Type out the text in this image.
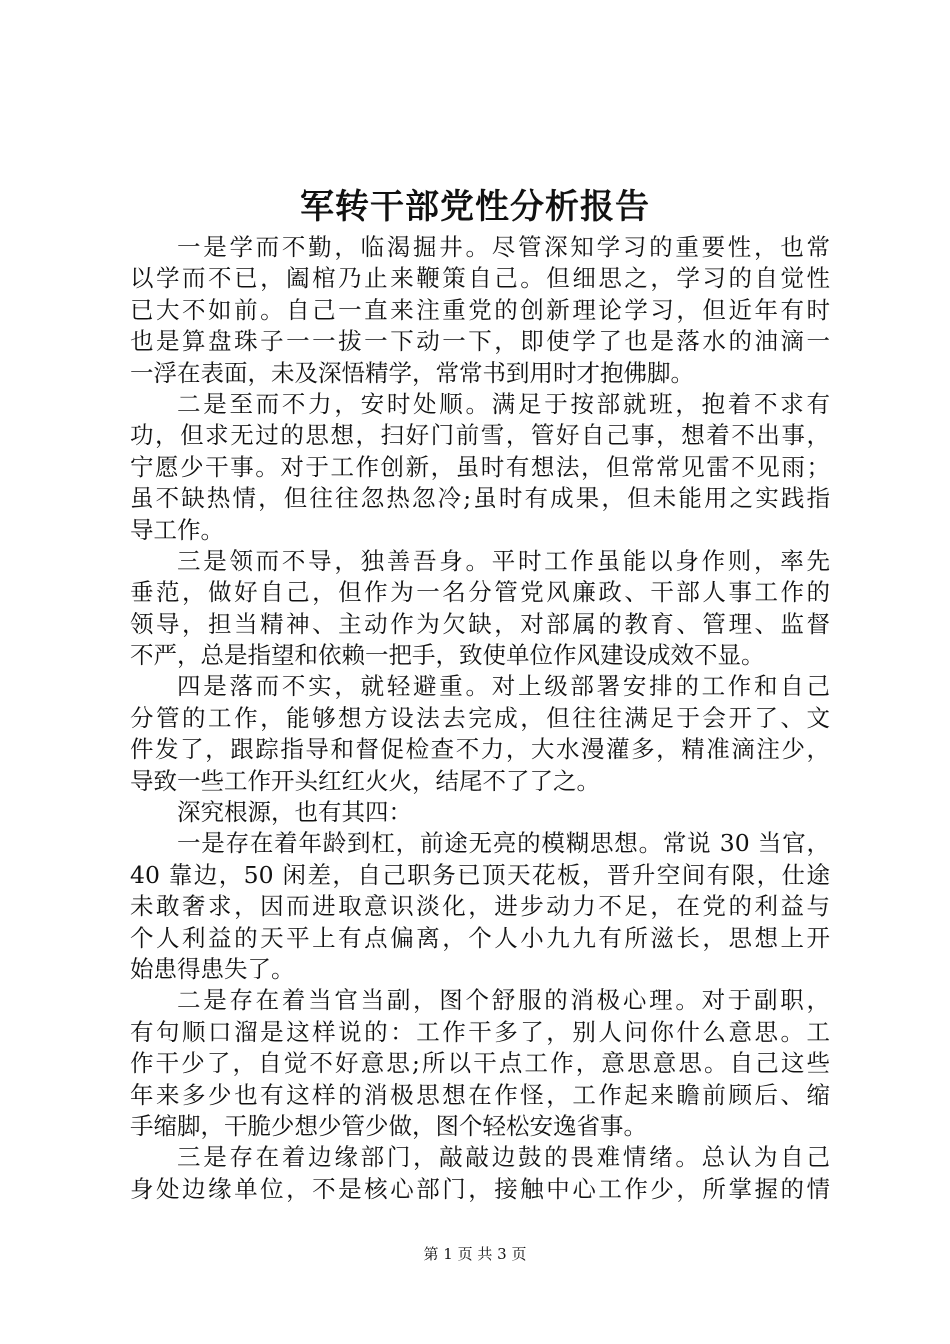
军转干部党性分析报告
一是学而不勤，临渴掘井。尽管深知学习的重要性，也常
以学而不已，阖棺乃止来鞭策自己。但细思之，学习的自觉性
已大不如前。自己一直来注重党的创新理论学习，但近年有时
也是算盘珠子一一拔一下动一下，即使学了也是落水的油滴一
一浮在表面，未及深悟精学，常常书到用时才抱佛脚。
二是至而不力，安时处顺。满足于按部就班，抱着不求有
功，但求无过的思想，扫好门前雪，管好自己事，想着不出事，
宁愿少干事。对于工作创新，虽时有想法，但常常见雷不见雨；
虽不缺热情，但往往忽热忽冷;虽时有成果，但未能用之实践指
导工作。
三是领而不导，独善吾身。平时工作虽能以身作则，率先
垂范，做好自己，但作为一名分管党风廉政、干部人事工作的
领导，担当精神、主动作为欠缺，对部属的教育、管理、监督
不严，总是指望和依赖一把手，致使单位作风建设成效不显。
四是落而不实，就轻避重。对上级部署安排的工作和自己
分管的工作，能够想方设法去完成，但往往满足于会开了、文
件发了，跟踪指导和督促检查不力，大水漫灌多，精准滴注少，
导致一些工作开头红红火火，结尾不了了之。
深究根源，也有其四：
一是存在着年龄到杠，前途无亮的模糊思想。常说 30 当官，
40 靠边，50 闲差，自己职务已顶天花板，晋升空间有限，仕途
未敢奢求，因而进取意识淡化，进步动力不足，在党的利益与
个人利益的天平上有点偏离，个人小九九有所滋长，思想上开
始患得患失了。
二是存在着当官当副，图个舒服的消极心理。对于副职，
有句顺口溜是这样说的：工作干多了，别人问你什么意思。工
作干少了，自觉不好意思;所以干点工作，意思意思。自己这些
年来多少也有这样的消极思想在作怪，工作起来瞻前顾后、缩
手缩脚，干脆少想少管少做，图个轻松安逸省事。
三是存在着边缘部门，敲敲边鼓的畏难情绪。总认为自己
身处边缘单位，不是核心部门，接触中心工作少，所掌握的情
第 1 页 共 3 页
